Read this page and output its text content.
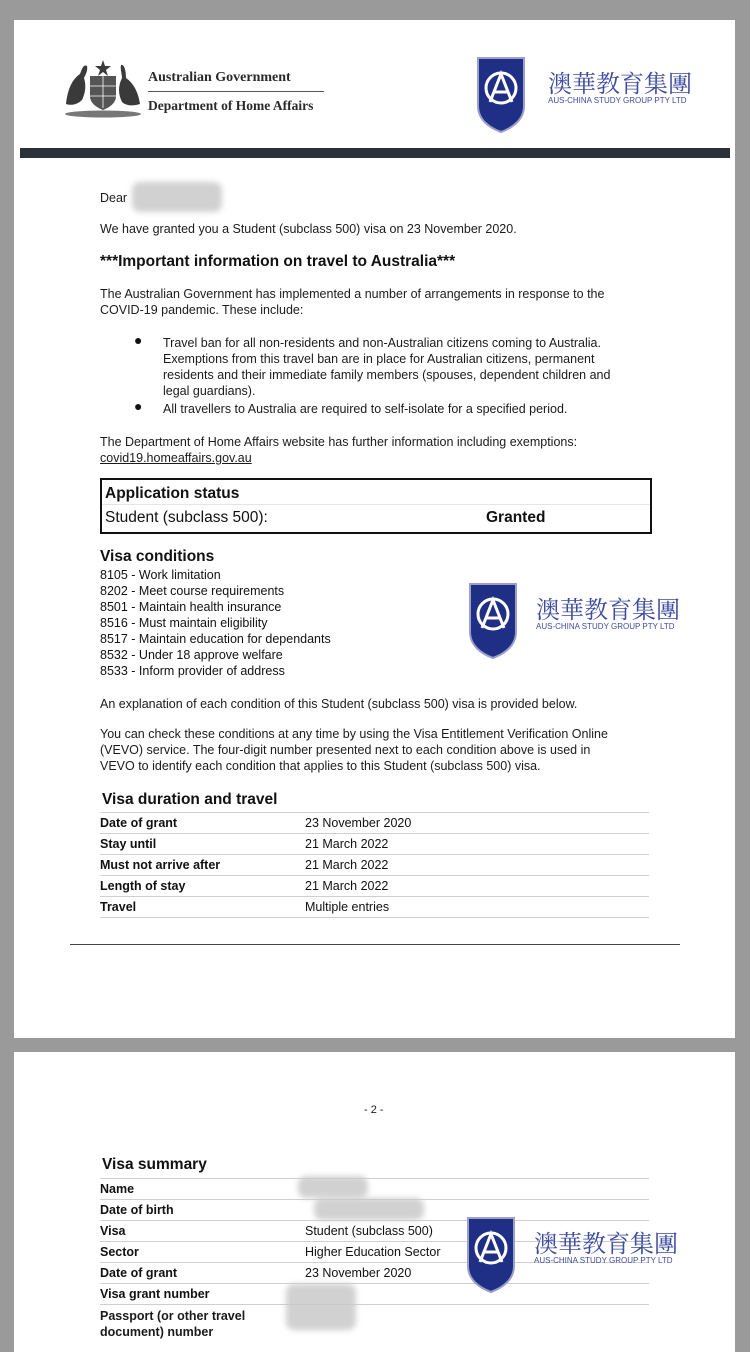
Australian Government
Department of Home Affairs
澳華教育集團
AUS-CHINA STUDY GROUP PTY LTD
Dear
We have granted you a Student (subclass 500) visa on 23 November 2020.
***Important information on travel to Australia***
The Australian Government has implemented a number of arrangements in response to the
COVID-19 pandemic. These include:
● Travel ban for all non-residents and non-Australian citizens coming to Australia.
Exemptions from this travel ban are in place for Australian citizens, permanent
residents and their immediate family members (spouses, dependent children and
legal guardians).
● All travellers to Australia are required to self-isolate for a specified period.
The Department of Home Affairs website has further information including exemptions:
covid19.homeaffairs.gov.au
Application status
Student (subclass 500):	Granted
Visa conditions
8105 - Work limitation
8202 - Meet course requirements
8501 - Maintain health insurance
8516 - Must maintain eligibility
8517 - Maintain education for dependants
8532 - Under 18 approve welfare
8533 - Inform provider of address
澳華教育集團
AUS-CHINA STUDY GROUP PTY LTD
An explanation of each condition of this Student (subclass 500) visa is provided below.
You can check these conditions at any time by using the Visa Entitlement Verification Online
(VEVO) service. The four-digit number presented next to each condition above is used in
VEVO to identify each condition that applies to this Student (subclass 500) visa.
Visa duration and travel
Date of grant	23 November 2020
Stay until	21 March 2022
Must not arrive after	21 March 2022
Length of stay	21 March 2022
Travel	Multiple entries
- 2 -
Visa summary
Name
Date of birth
Visa	Student (subclass 500)
Sector	Higher Education Sector
Date of grant	23 November 2020
Visa grant number
Passport (or other travel
document) number
澳華教育集團
AUS-CHINA STUDY GROUP PTY LTD
